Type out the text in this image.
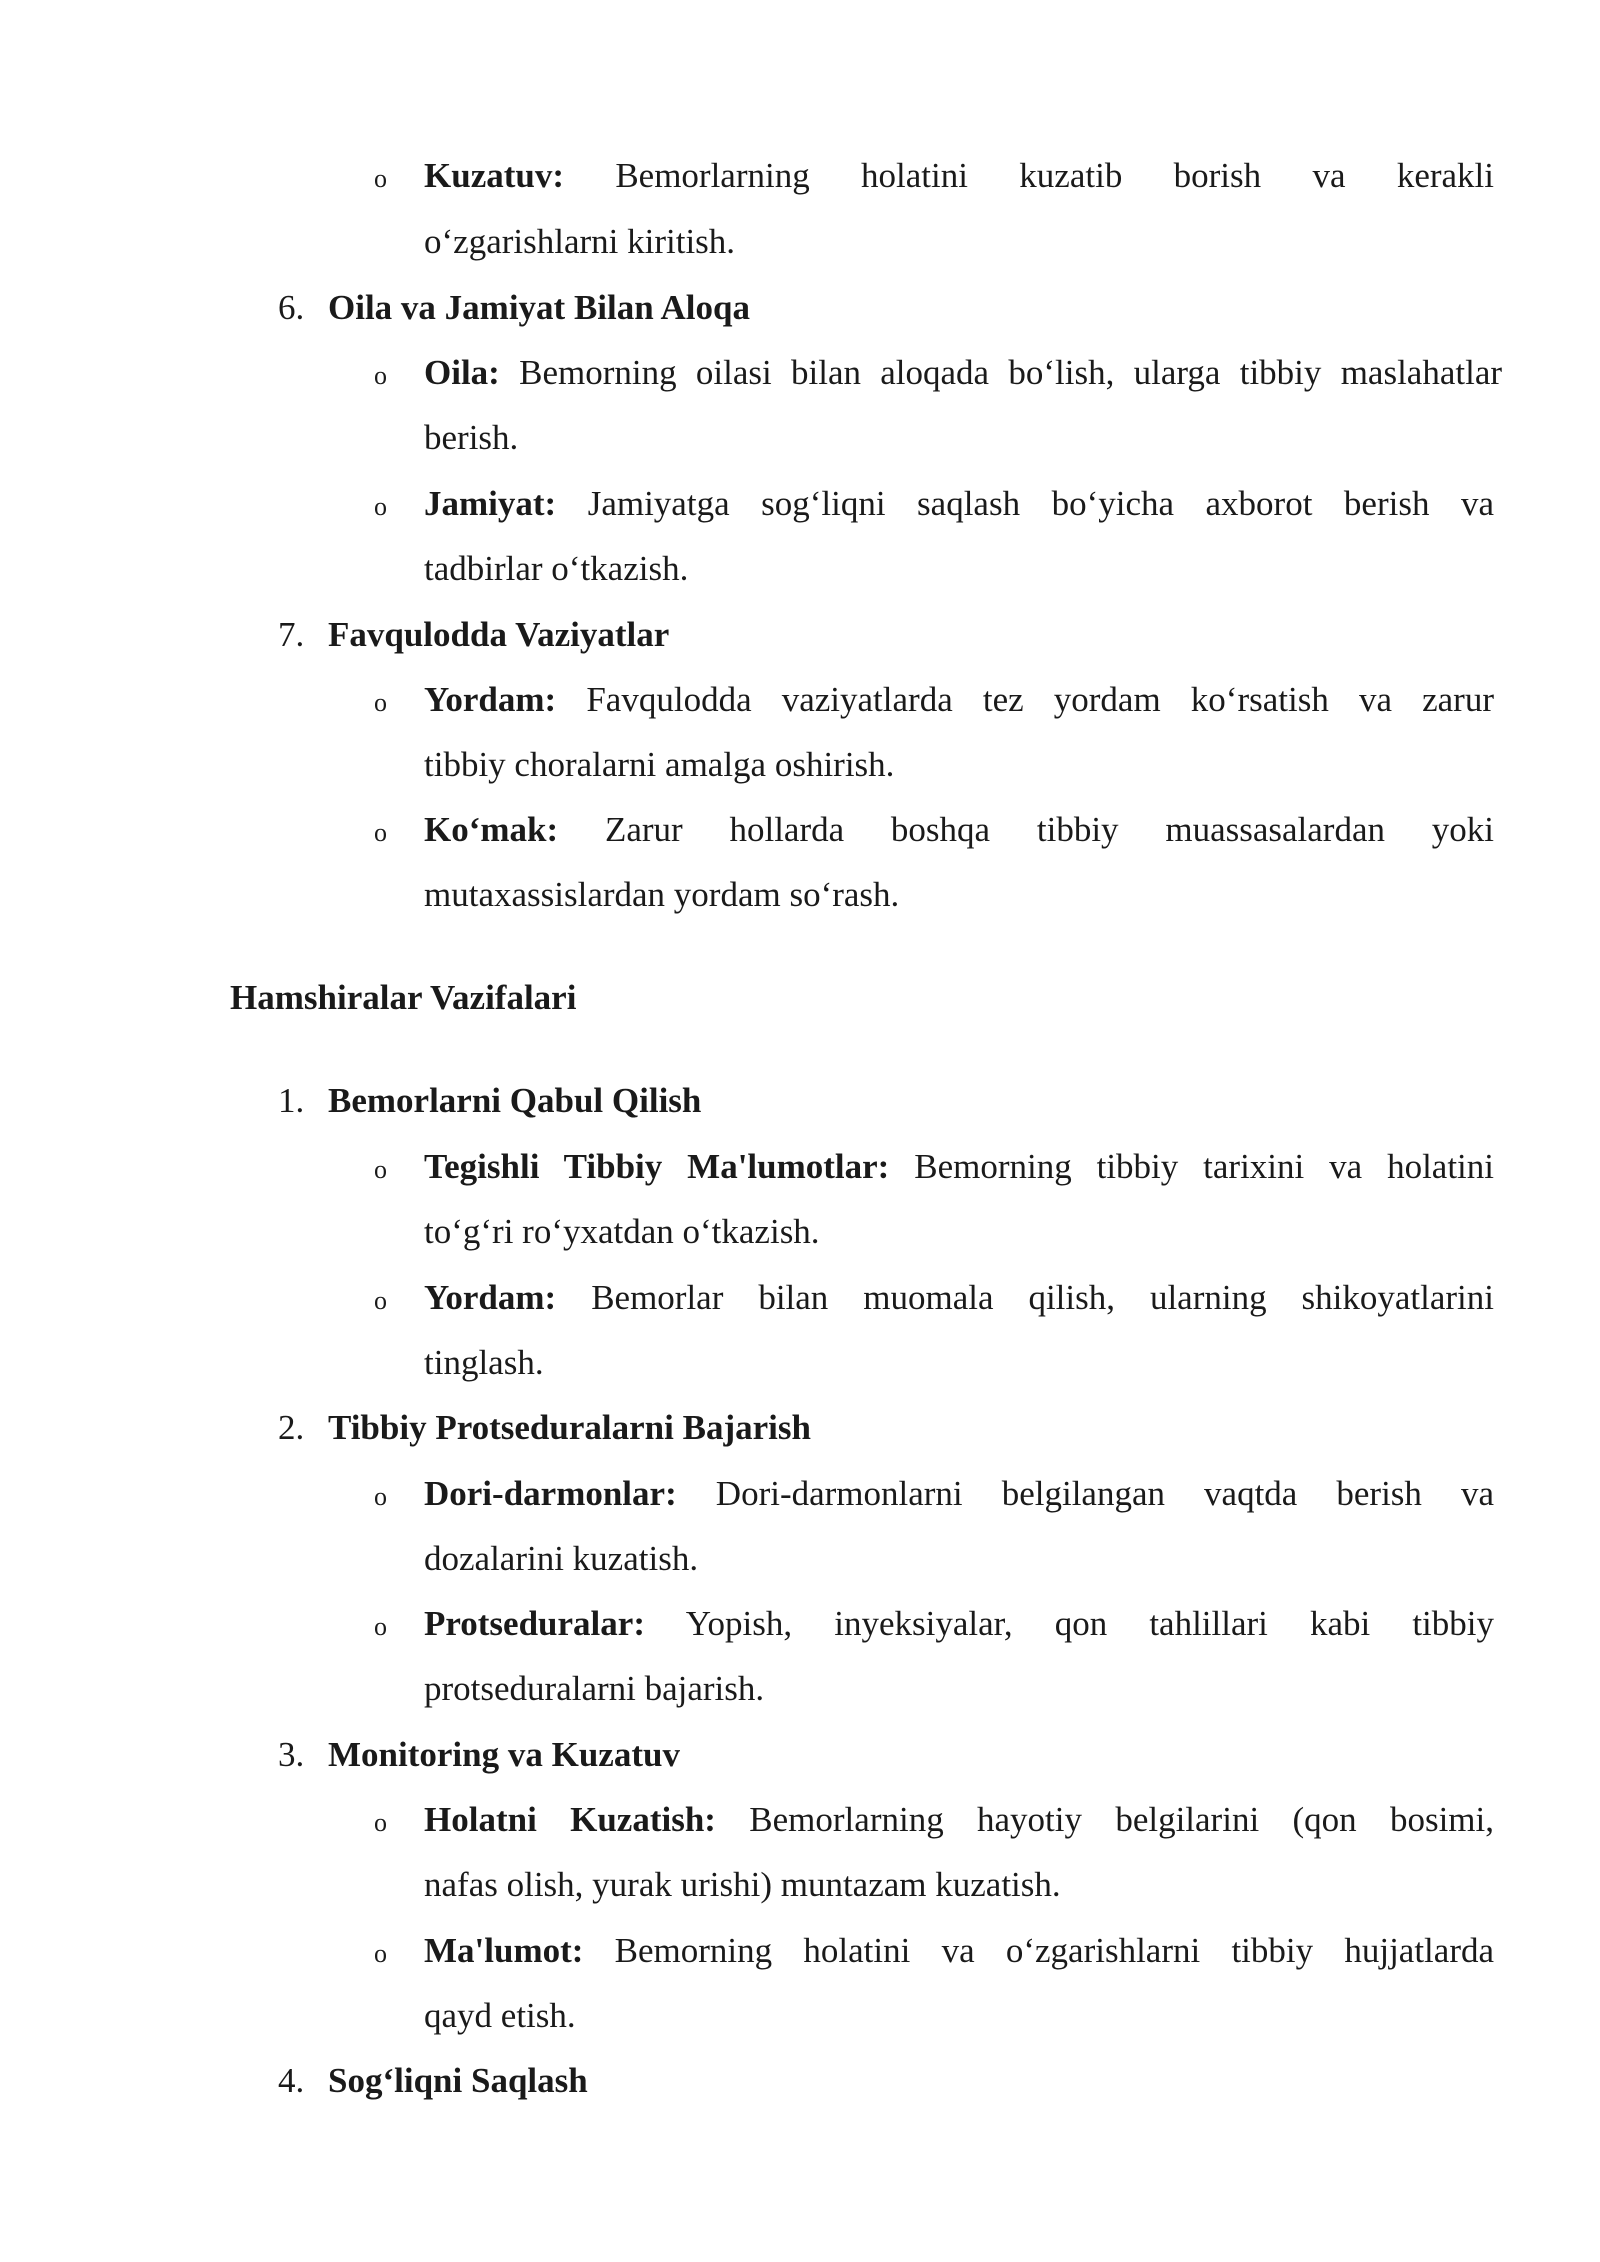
o Kuzatuv: Bemorlarning holatini kuzatib borish va kerakli
o‘zgarishlarni kiritish.
6. Oila va Jamiyat Bilan Aloqa
o Oila: Bemorning oilasi bilan aloqada bo‘lish, ularga tibbiy maslahatlar
berish.
o Jamiyat: Jamiyatga sog‘liqni saqlash bo‘yicha axborot berish va
tadbirlar o‘tkazish.
7. Favqulodda Vaziyatlar
o Yordam: Favqulodda vaziyatlarda tez yordam ko‘rsatish va zarur
tibbiy choralarni amalga oshirish.
o Ko‘mak: Zarur hollarda boshqa tibbiy muassasalardan yoki
mutaxassislardan yordam so‘rash.
Hamshiralar Vazifalari
1. Bemorlarni Qabul Qilish
o Tegishli Tibbiy Ma'lumotlar: Bemorning tibbiy tarixini va holatini
to‘g‘ri ro‘yxatdan o‘tkazish.
o Yordam: Bemorlar bilan muomala qilish, ularning shikoyatlarini
tinglash.
2. Tibbiy Protseduralarni Bajarish
o Dori-darmonlar: Dori-darmonlarni belgilangan vaqtda berish va
dozalarini kuzatish.
o Protseduralar: Yopish, inyeksiyalar, qon tahlillari kabi tibbiy
protseduralarni bajarish.
3. Monitoring va Kuzatuv
o Holatni Kuzatish: Bemorlarning hayotiy belgilarini (qon bosimi,
nafas olish, yurak urishi) muntazam kuzatish.
o Ma'lumot: Bemorning holatini va o‘zgarishlarni tibbiy hujjatlarda
qayd etish.
4. Sog‘liqni Saqlash
